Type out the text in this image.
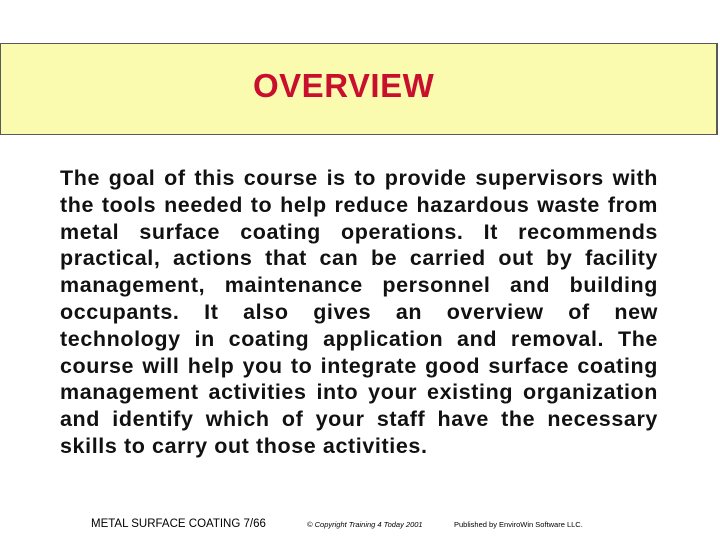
OVERVIEW

The goal of this course is to provide supervisors with the tools needed to help reduce hazardous waste from metal surface coating operations. It recommends practical, actions that can be carried out by facility management, maintenance personnel and building occupants. It also gives an overview of new technology in coating application and removal. The course will help you to integrate good surface coating management activities into your existing organization and identify which of your staff have the necessary skills to carry out those activities.

METAL SURFACE COATING 7/66	© Copyright Training 4 Today 2001	Published by EnviroWin Software LLC.
